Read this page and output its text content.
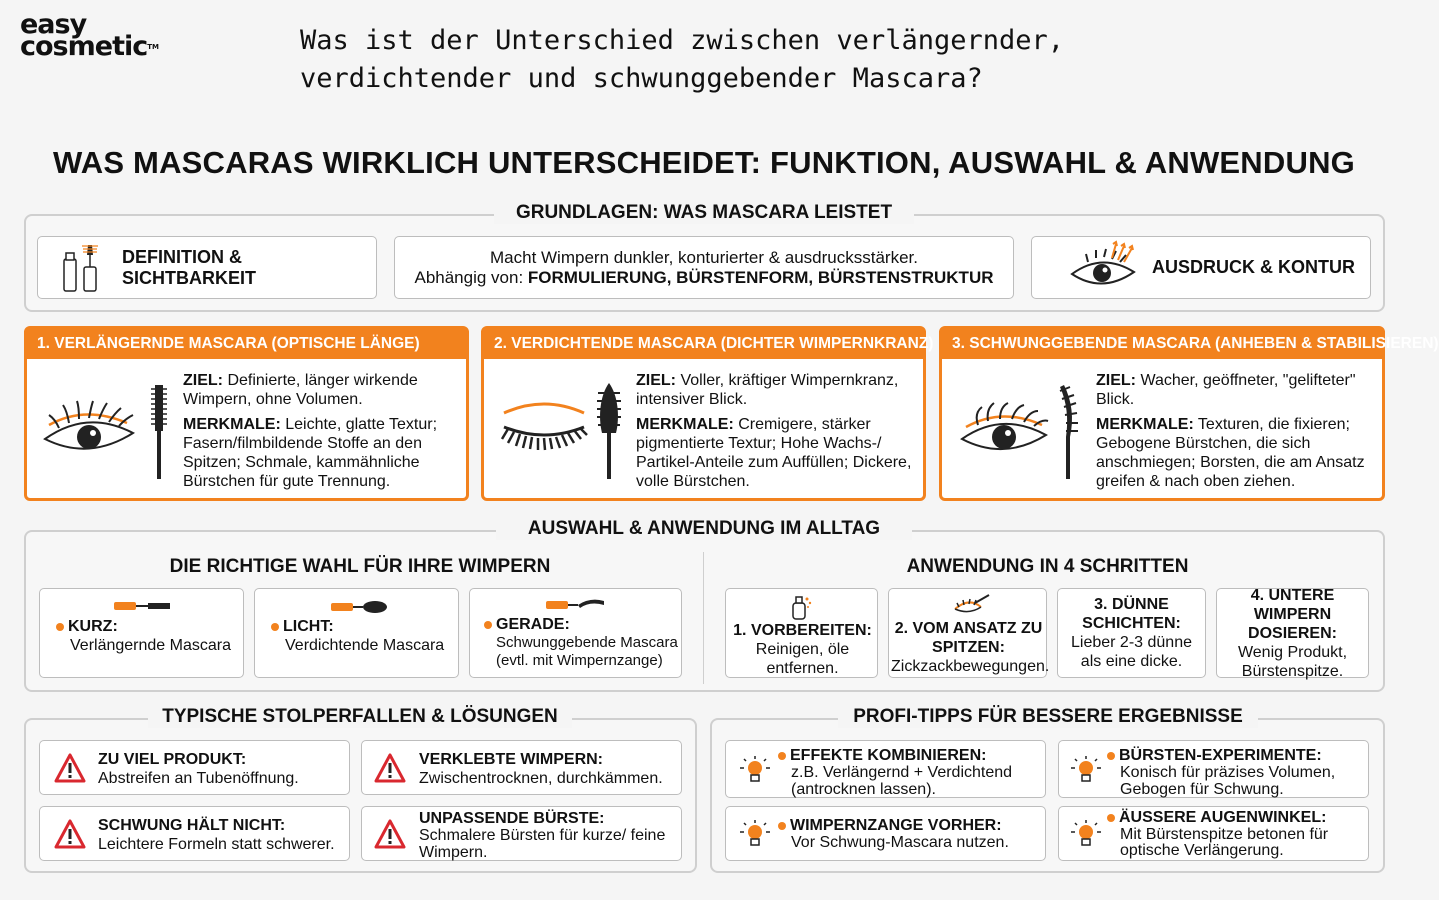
easy
cosmetic™	Was ist der Unterschied zwischen verlängernder,
verdichtender und schwunggebender Mascara?
WAS MASCARAS WIRKLICH UNTERSCHEIDET: FUNKTION, AUSWAHL & ANWENDUNG
GRUNDLAGEN: WAS MASCARA LEISTET
DEFINITION & SICHTBARKEIT
Macht Wimpern dunkler, konturierter & ausdrucksstärker.
Abhängig von: FORMULIERUNG, BÜRSTENFORM, BÜRSTENSTRUKTUR	AUSDRUCK & KONTUR
1. VERLÄNGERNDE MASCARA (OPTISCHE LÄNGE)
ZIEL: Definierte, länger wirkende Wimpern, ohne Volumen.
MERKMALE: Leichte, glatte Textur; Fasern/filmbildende Stoffe an den Spitzen; Schmale, kammähnliche Bürstchen für gute Trennung.
2. VERDICHTENDE MASCARA (DICHTER WIMPERNKRANZ)
ZIEL: Voller, kräftiger Wimpernkranz, intensiver Blick.
MERKMALE: Cremigere, stärker pigmentierte Textur; Hohe Wachs-/ Partikel-Anteile zum Auffüllen; Dickere, volle Bürstchen.
3. SCHWUNGGEBENDE MASCARA (ANHEBEN & STABILISIEREN)
ZIEL: Wacher, geöffneter, "gelifteter" Blick.
MERKMALE: Texturen, die fixieren; Gebogene Bürstchen, die sich anschmiegen; Borsten, die am Ansatz greifen & nach oben ziehen.
AUSWAHL & ANWENDUNG IM ALLTAG
DIE RICHTIGE WAHL FÜR IHRE WIMPERN
KURZ:
Verlängernde Mascara
LICHT:
Verdichtende Mascara
GERADE:
Schwunggebende Mascara (evtl. mit Wimpernzange)
ANWENDUNG IN 4 SCHRITTEN
1. VORBEREITEN:
Reinigen, öle entfernen.
2. VOM ANSATZ ZU SPITZEN:
Zickzackbewegungen.
3. DÜNNE SCHICHTEN:
Lieber 2-3 dünne als eine dicke.
4. UNTERE WIMPERN DOSIEREN:
Wenig Produkt, Bürstenspitze.
TYPISCHE STOLPERFALLEN & LÖSUNGEN
ZU VIEL PRODUKT:
Abstreifen an Tubenöffnung.
VERKLEBTE WIMPERN:
Zwischentrocknen, durchkämmen.
SCHWUNG HÄLT NICHT:
Leichtere Formeln statt schwerer.
UNPASSENDE BÜRSTE:
Schmalere Bürsten für kurze/ feine Wimpern.
PROFI-TIPPS FÜR BESSERE ERGEBNISSE
EFFEKTE KOMBINIEREN:
z.B. Verlängernd + Verdichtend (antrocknen lassen).
BÜRSTEN-EXPERIMENTE:
Konisch für präzises Volumen, Gebogen für Schwung.
WIMPERNZANGE VORHER:
Vor Schwung-Mascara nutzen.
ÄUSSERE AUGENWINKEL:
Mit Bürstenspitze betonen für optische Verlängerung.
